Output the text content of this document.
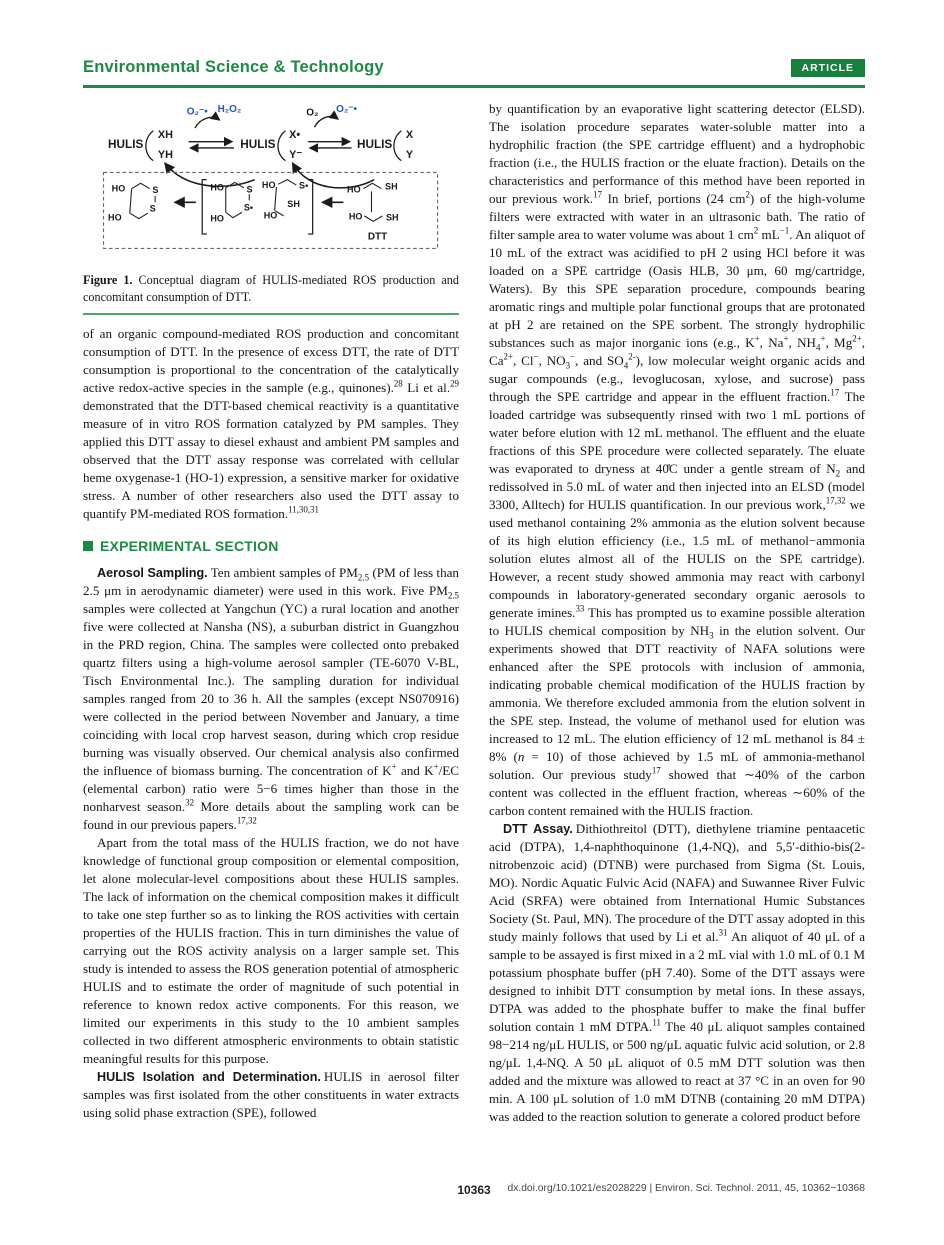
Environmental Science & Technology	ARTICLE
O₂⁻• H₂O₂	O₂ O₂⁻•
HULIS
XH
YH
HULIS
X•
Y⁻
HULIS
X
Y
HO
HO
S
S
HO
HO
S
S•
HO
HO
S•
SH
HO
HO
SH
SH
DTT

Figure 1. Conceptual diagram of HULIS-mediated ROS production and concomitant consumption of DTT.

of an organic compound-mediated ROS production and concomitant consumption of DTT. In the presence of excess DTT, the rate of DTT consumption is proportional to the concentration of the catalytically active redox-active species in the sample (e.g., quinones).$^{28}$ Li et al.$^{29}$ demonstrated that the DTT-based chemical reactivity is a quantitative measure of in vitro ROS formation catalyzed by PM samples. They applied this DTT assay to diesel exhaust and ambient PM samples and observed that the DTT assay response was correlated with cellular heme oxygenase-1 (HO-1) expression, a sensitive marker for oxidative stress. A number of other researchers also used the DTT assay to quantify PM-mediated ROS formation.$^{11,30,31}$

EXPERIMENTAL SECTION

Aerosol Sampling. Ten ambient samples of $PM_{2.5}$ (PM of less than 2.5 μm in aerodynamic diameter) were used in this work. Five $PM_{2.5}$ samples were collected at Yangchun (YC) a rural location and another five were collected at Nansha (NS), a suburban district in Guangzhou in the PRD region, China. The samples were collected onto prebaked quartz filters using a high-volume aerosol sampler (TE-6070 V-BL, Tisch Environmental Inc.). The sampling duration for individual samples ranged from 20 to 36 h. All the samples (except NS070916) were collected in the period between November and January, a time coinciding with local crop harvest season, during which crop residue burning was visually observed. Our chemical analysis also confirmed the influence of biomass burning. The concentration of K+ and K+/EC (elemental carbon) ratio were 5−6 times higher than those in the nonharvest season.$^{32}$ More details about the sampling work can be found in our previous papers.$^{17,32}$

Apart from the total mass of the HULIS fraction, we do not have knowledge of functional group composition or elemental composition, let alone molecular-level compositions about these HULIS samples. The lack of information on the chemical composition makes it difficult to take one step further so as to linking the ROS activities with certain properties of the HULIS fraction. This in turn diminishes the value of carrying out the ROS activity analysis on a larger sample set. This study is intended to assess the ROS generation potential of atmospheric HULIS and to estimate the order of magnitude of such potential in reference to known redox active components. For this reason, we limited our experiments in this study to the 10 ambient samples collected in two different atmospheric environments to obtain statistic meaningful results for this purpose.

HULIS Isolation and Determination. HULIS in aerosol filter samples was first isolated from the other constituents in water extracts using solid phase extraction (SPE), followed

by quantification by an evaporative light scattering detector (ELSD). The isolation procedure separates water-soluble matter into a hydrophilic fraction (the SPE cartridge effluent) and a hydrophobic fraction (i.e., the HULIS fraction or the eluate fraction). Details on the characteristics and performance of this method have been reported in our previous work.$^{17}$ In brief, portions (24 $cm^2$) of the high-volume filters were extracted with water in an ultrasonic bath. The ratio of filter sample area to water volume was about 1 $cm^2$ $mL^{-1}$. An aliquot of 10 mL of the extract was acidified to pH 2 using HCl before it was loaded on a SPE cartridge (Oasis HLB, 30 μm, 60 mg/cartridge, Waters). By this SPE separation procedure, compounds bearing aromatic rings and multiple polar functional groups that are protonated at pH 2 are retained on the SPE sorbent. The strongly hydrophilic substances such as major inorganic ions (e.g., K+, Na+, $NH_4^+$, $Mg^{2+}$, $Ca^{2+}$, Cl−, $NO_3^-$, and $SO_4^{2-}$), low molecular weight organic acids and sugar compounds (e.g., levoglucosan, xylose, and sucrose) pass through the SPE cartridge and appear in the effluent fraction.$^{17}$ The loaded cartridge was subsequently rinsed with two 1 mL portions of water before elution with 12 mL methanol. The effluent and the eluate fractions of this SPE procedure were collected separately. The eluate was evaporated to dryness at 40̊C under a gentle stream of $N_2$ and redissolved in 5.0 mL of water and then injected into an ELSD (model 3300, Alltech) for HULIS quantification. In our previous work,$^{17,32}$ we used methanol containing 2% ammonia as the elution solvent because of its high elution efficiency (i.e., 1.5 mL of methanol−ammonia solution elutes almost all of the HULIS on the SPE cartridge). However, a recent study showed ammonia may react with carbonyl compounds in laboratory-generated secondary organic aerosols to generate imines.$^{33}$ This has prompted us to examine possible alteration to HULIS chemical composition by $NH_3$ in the elution solvent. Our experiments showed that DTT reactivity of NAFA solutions were enhanced after the SPE protocols with inclusion of ammonia, indicating probable chemical modification of the HULIS fraction by ammonia. We therefore excluded ammonia from the elution solvent in the SPE step. Instead, the volume of methanol used for elution was increased to 12 mL. The elution efficiency of 12 mL methanol is 84 ± 8% (n = 10) of those achieved by 1.5 mL of ammonia-methanol solution. Our previous study$^{17}$ showed that ∼40% of the carbon content was collected in the effluent fraction, whereas ∼60% of the carbon content remained with the HULIS fraction.

DTT Assay. Dithiothreitol (DTT), diethylene triamine pentaacetic acid (DTPA), 1,4-naphthoquinone (1,4-NQ), and 5,5′-dithio-bis(2-nitrobenzoic acid) (DTNB) were purchased from Sigma (St. Louis, MO). Nordic Aquatic Fulvic Acid (NAFA) and Suwannee River Fulvic Acid (SRFA) were obtained from International Humic Substances Society (St. Paul, MN). The procedure of the DTT assay adopted in this study mainly follows that used by Li et al.$^{31}$ An aliquot of 40 μL of a sample to be assayed is first mixed in a 2 mL vial with 1.0 mL of 0.1 M potassium phosphate buffer (pH 7.40). Some of the DTT assays were designed to inhibit DTT consumption by metal ions. In these assays, DTPA was added to the phosphate buffer to make the final buffer solution contain 1 mM DTPA.$^{11}$ The 40 μL aliquot samples contained 98−214 ng/μL HULIS, or 500 ng/μL aquatic fulvic acid solution, or 2.8 ng/μL 1,4-NQ. A 50 μL aliquot of 0.5 mM DTT solution was then added and the mixture was allowed to react at 37 °C in an oven for 90 min. A 100 μL solution of 1.0 mM DTNB (containing 20 mM DTPA) was added to the reaction solution to generate a colored product before

10363	dx.doi.org/10.1021/es2028229 | Environ. Sci. Technol. 2011, 45, 10362−10368
